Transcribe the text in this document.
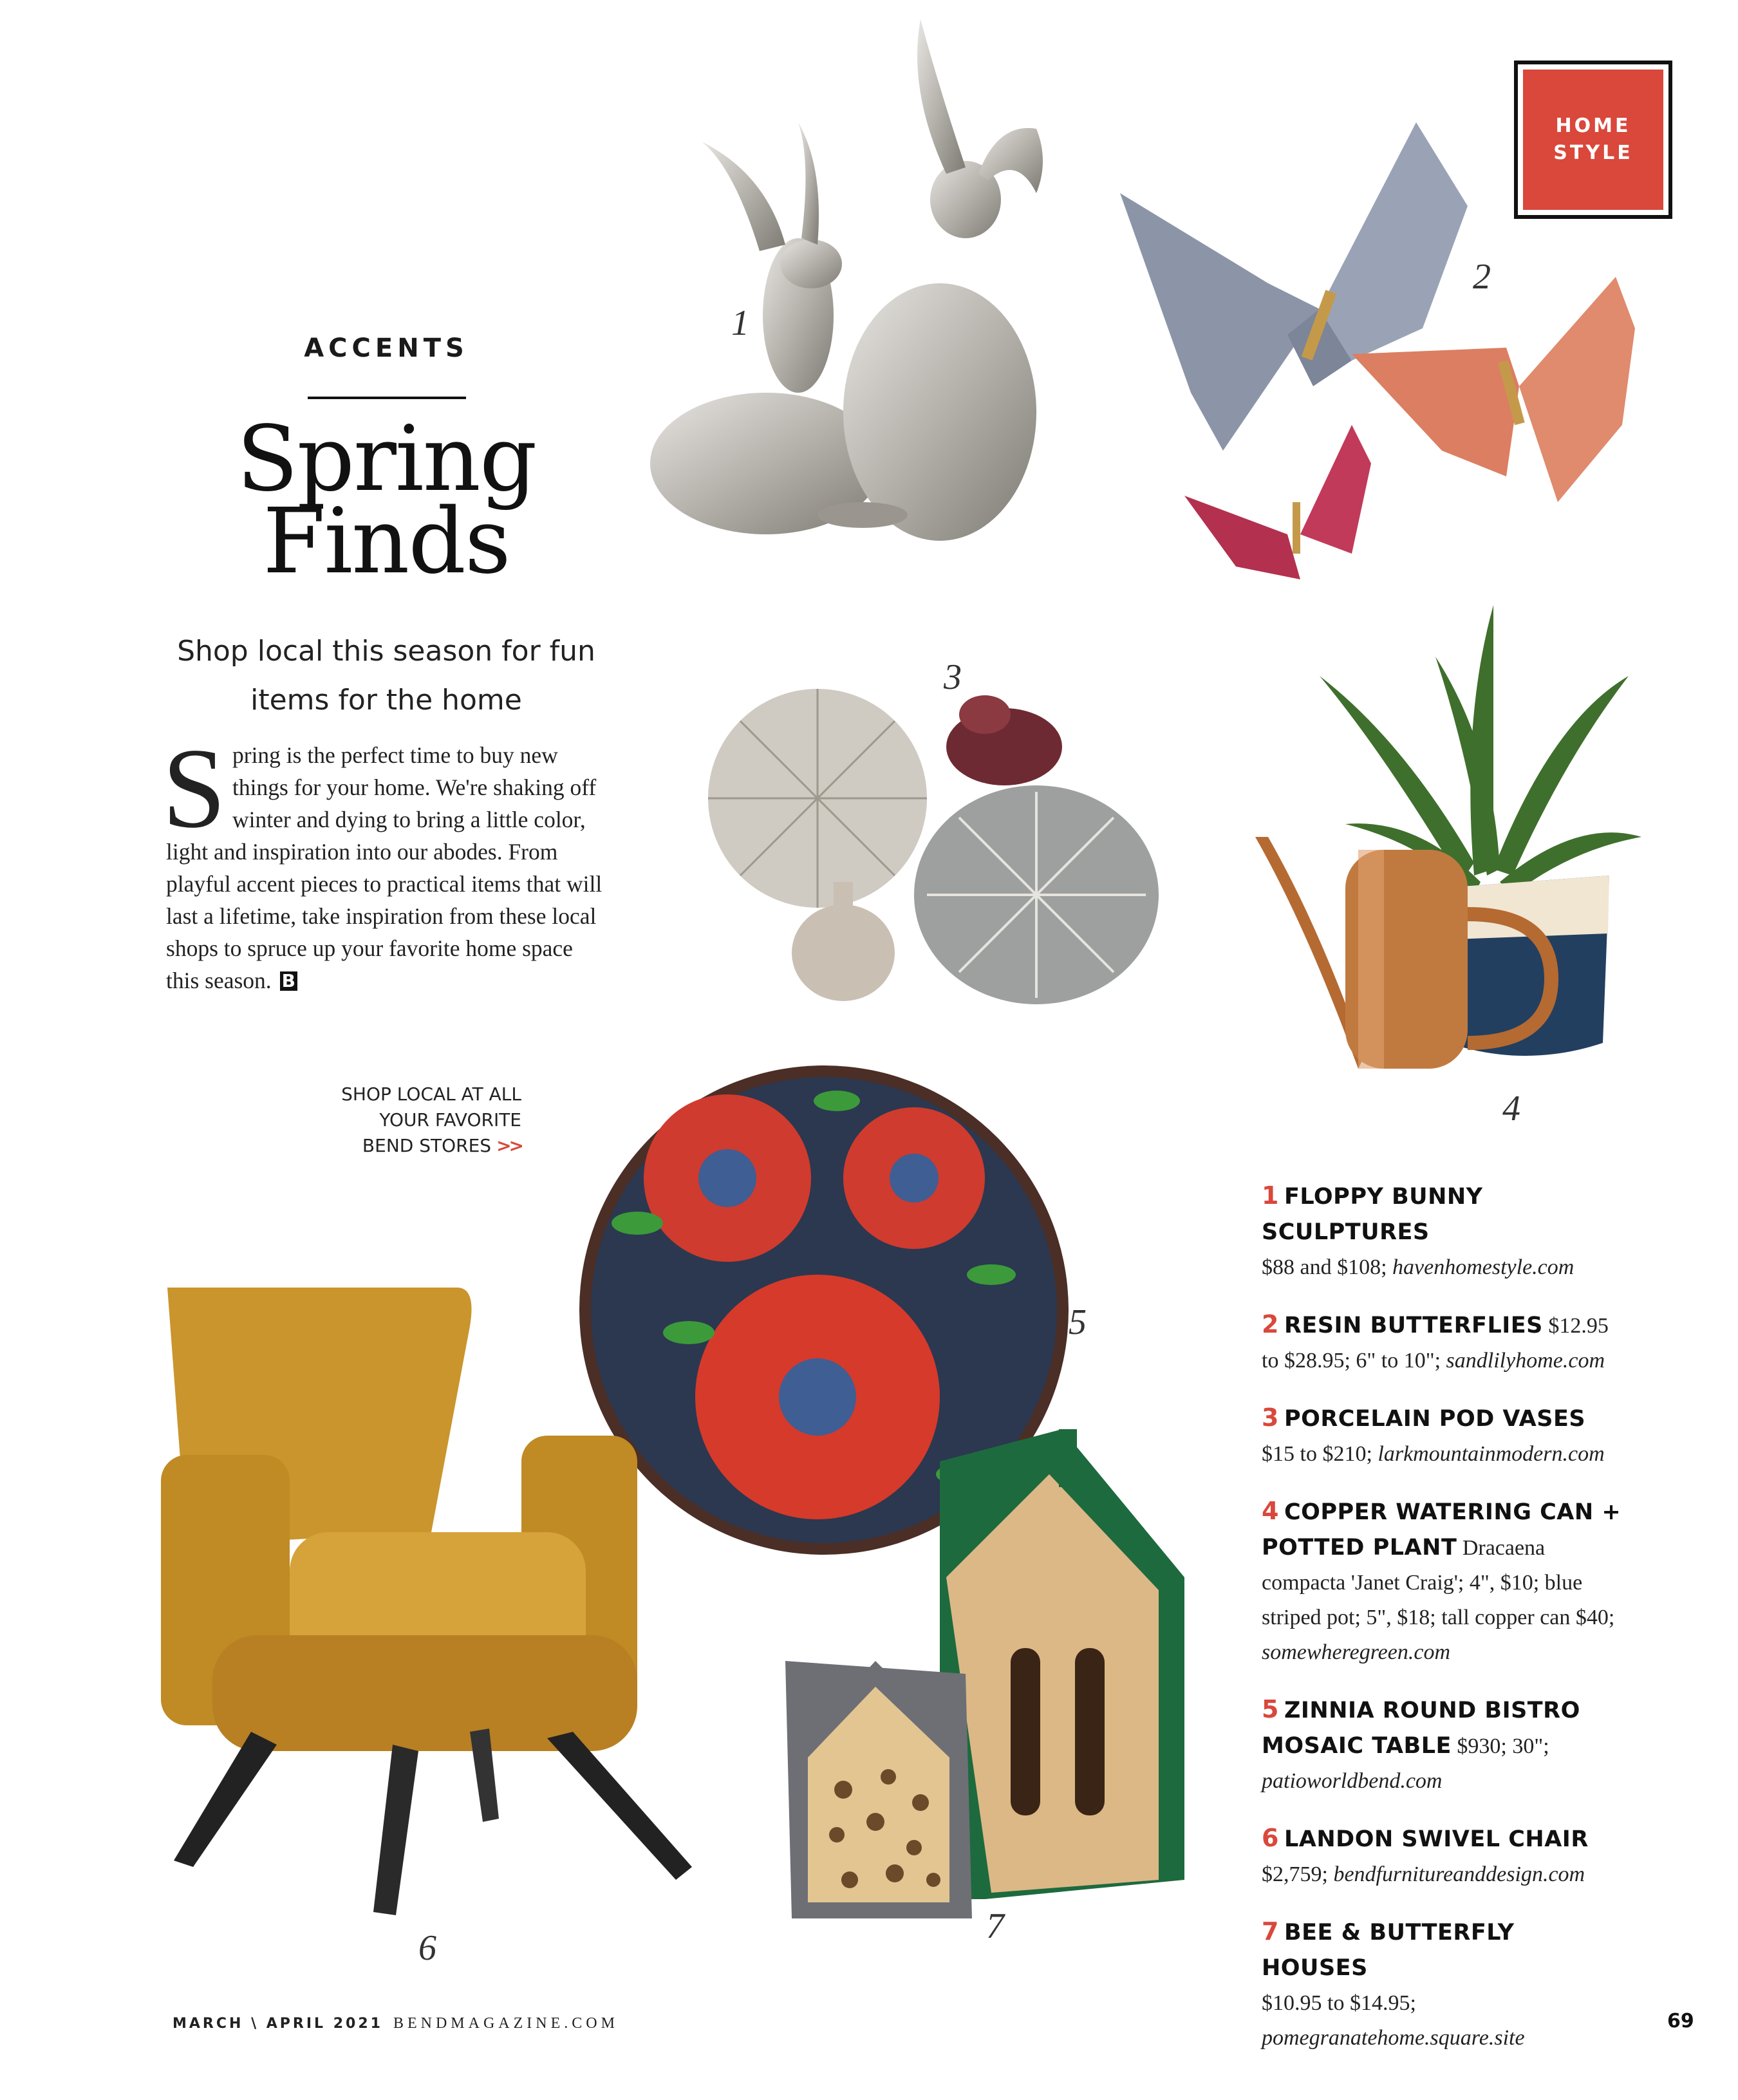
HOME
STYLE
ACCENTS
Spring
Finds
Shop local this season for fun
items for the home
S pring is the perfect time to buy new things for your home. We're shaking off winter and dying to bring a little color, light and inspiration into our abodes. From playful accent pieces to practical items that will last a lifetime, take inspiration from these local shops to spruce up your favorite home space this season. B
SHOP LOCAL AT ALL
YOUR FAVORITE
BEND STORES >>
1
2
3
4
5
6
7

1 FLOPPY BUNNY SCULPTURES
$88 and $108; havenhomestyle.com

2 RESIN BUTTERFLIES $12.95 to $28.95; 6" to 10"; sandlilyhome.com

3 PORCELAIN POD VASES $15 to $210; larkmountainmodern.com

4 COPPER WATERING CAN + POTTED PLANT Dracaena compacta 'Janet Craig'; 4", $10; blue striped pot; 5", $18; tall copper can $40; somewheregreen.com

5 ZINNIA ROUND BISTRO MOSAIC TABLE $930; 30"; patioworldbend.com

6 LANDON SWIVEL CHAIR
$2,759; bendfurnitureanddesign.com

7 BEE & BUTTERFLY HOUSES
$10.95 to $14.95; pomegranatehome.square.site

MARCH \ APRIL 2021 BENDMAGAZINE.COM	69
